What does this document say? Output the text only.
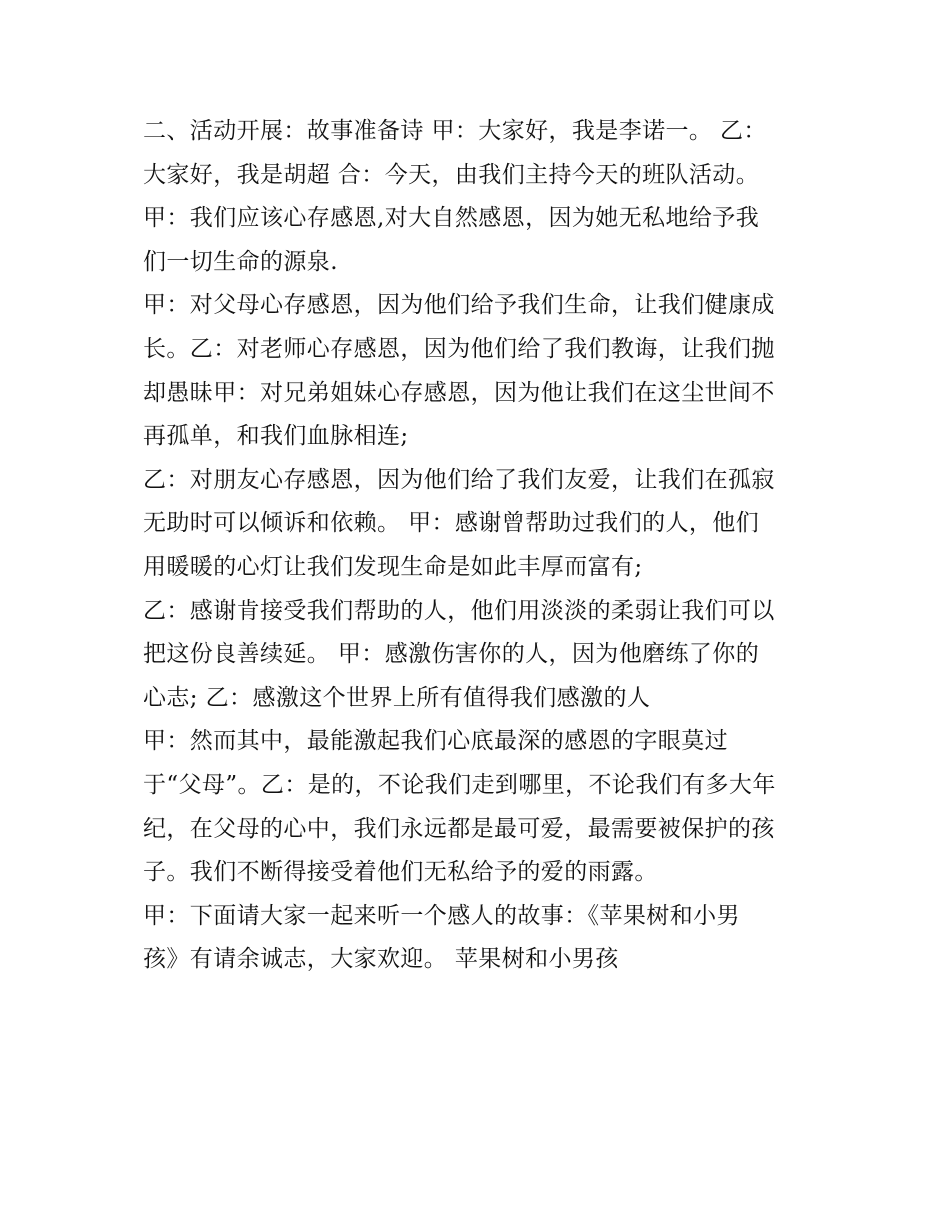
二、活动开展：故事准备诗 甲：大家好，我是李诺一。 乙：
大家好，我是胡超 合：今天，由我们主持今天的班队活动。
甲：我们应该心存感恩,对大自然感恩，因为她无私地给予我
们一切生命的源泉.
甲：对父母心存感恩，因为他们给予我们生命，让我们健康成
长。乙：对老师心存感恩，因为他们给了我们教诲，让我们抛
却愚昧甲：对兄弟姐妹心存感恩，因为他让我们在这尘世间不
再孤单，和我们血脉相连;
乙：对朋友心存感恩，因为他们给了我们友爱，让我们在孤寂
无助时可以倾诉和依赖。 甲：感谢曾帮助过我们的人，他们
用暖暖的心灯让我们发现生命是如此丰厚而富有;
乙：感谢肯接受我们帮助的人，他们用淡淡的柔弱让我们可以
把这份良善续延。 甲：感激伤害你的人，因为他磨练了你的
心志; 乙：感激这个世界上所有值得我们感激的人
甲：然而其中，最能激起我们心底最深的感恩的字眼莫过
于“父母”。乙：是的，不论我们走到哪里，不论我们有多大年
纪，在父母的心中，我们永远都是最可爱，最需要被保护的孩
子。我们不断得接受着他们无私给予的爱的雨露。
甲：下面请大家一起来听一个感人的故事：《苹果树和小男
孩》有请余诚志，大家欢迎。 苹果树和小男孩
